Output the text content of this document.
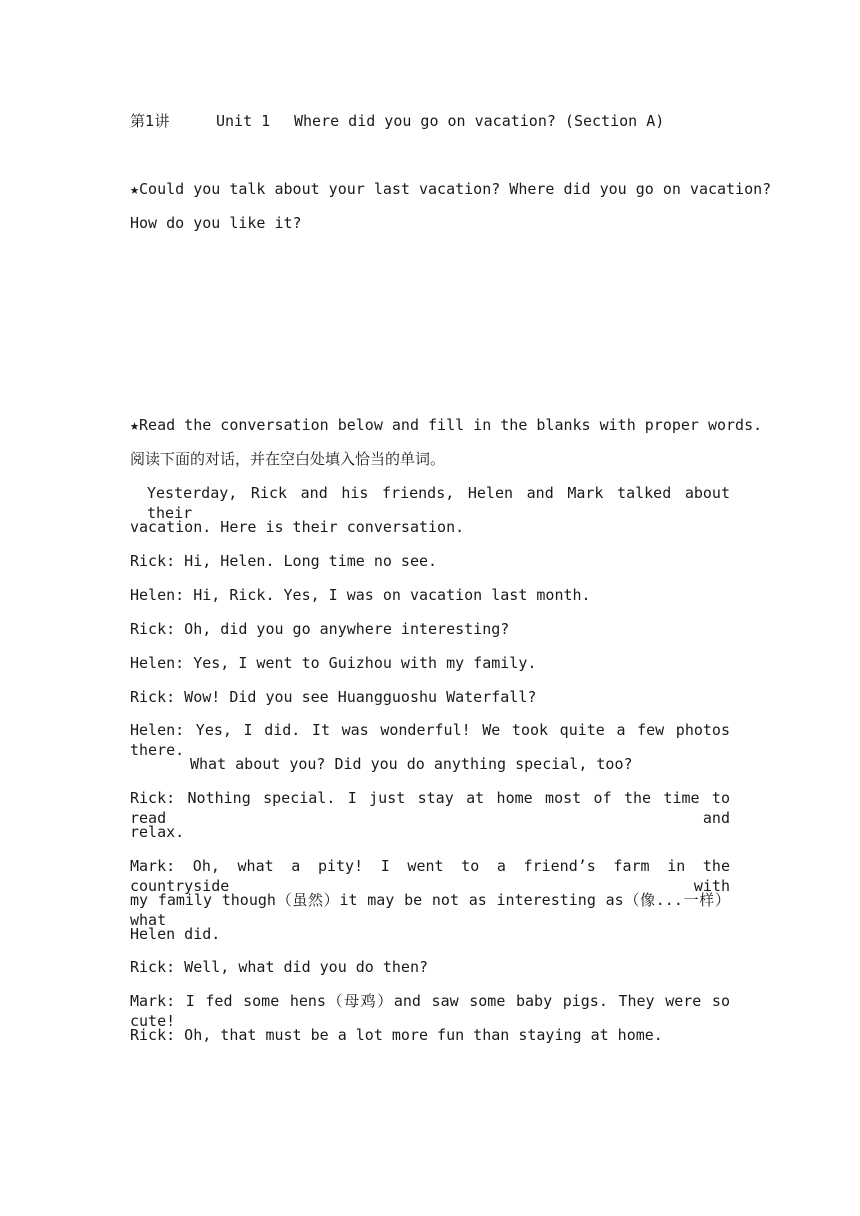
第1讲	Unit 1 Where did you go on vacation? (Section A)
★Could you talk about your last vacation? Where did you go on vacation?
How do you like it?
★Read the conversation below and fill in the blanks with proper words.
阅读下面的对话，并在空白处填入恰当的单词。
Yesterday, Rick and his friends, Helen and Mark talked about their
vacation. Here is their conversation.
Rick: Hi, Helen. Long time no see.
Helen: Hi, Rick. Yes, I was on vacation last month.
Rick: Oh, did you go anywhere interesting?
Helen: Yes, I went to Guizhou with my family.
Rick: Wow! Did you see Huangguoshu Waterfall?
Helen: Yes, I did. It was wonderful! We took quite a few photos there.
What about you? Did you do anything special, too?
Rick: Nothing special. I just stay at home most of the time to read and
relax.
Mark: Oh, what a pity! I went to a friend’s farm in the countryside with
my family though（虽然）it may be not as interesting as（像...一样） what
Helen did.
Rick: Well, what did you do then?
Mark: I fed some hens（母鸡）and saw some baby pigs. They were so cute!
Rick: Oh, that must be a lot more fun than staying at home.
